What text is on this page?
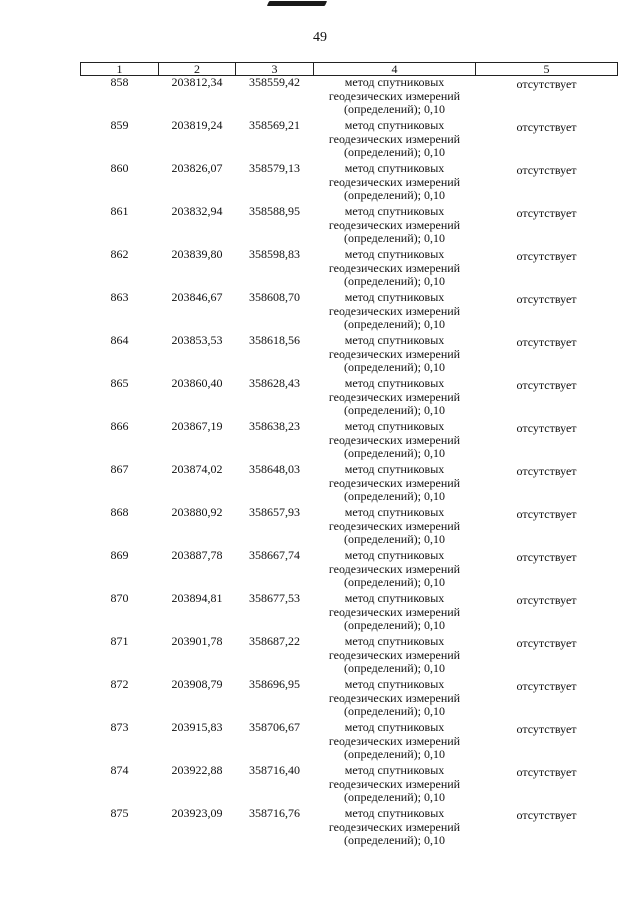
49
1	2	3	4	5
858	203812,34	358559,42	метод спутниковых
геодезических измерений
(определений); 0,10	отсутствует
859	203819,24	358569,21	метод спутниковых
геодезических измерений
(определений); 0,10	отсутствует
860	203826,07	358579,13	метод спутниковых
геодезических измерений
(определений); 0,10	отсутствует
861	203832,94	358588,95	метод спутниковых
геодезических измерений
(определений); 0,10	отсутствует
862	203839,80	358598,83	метод спутниковых
геодезических измерений
(определений); 0,10	отсутствует
863	203846,67	358608,70	метод спутниковых
геодезических измерений
(определений); 0,10	отсутствует
864	203853,53	358618,56	метод спутниковых
геодезических измерений
(определений); 0,10	отсутствует
865	203860,40	358628,43	метод спутниковых
геодезических измерений
(определений); 0,10	отсутствует
866	203867,19	358638,23	метод спутниковых
геодезических измерений
(определений); 0,10	отсутствует
867	203874,02	358648,03	метод спутниковых
геодезических измерений
(определений); 0,10	отсутствует
868	203880,92	358657,93	метод спутниковых
геодезических измерений
(определений); 0,10	отсутствует
869	203887,78	358667,74	метод спутниковых
геодезических измерений
(определений); 0,10	отсутствует
870	203894,81	358677,53	метод спутниковых
геодезических измерений
(определений); 0,10	отсутствует
871	203901,78	358687,22	метод спутниковых
геодезических измерений
(определений); 0,10	отсутствует
872	203908,79	358696,95	метод спутниковых
геодезических измерений
(определений); 0,10	отсутствует
873	203915,83	358706,67	метод спутниковых
геодезических измерений
(определений); 0,10	отсутствует
874	203922,88	358716,40	метод спутниковых
геодезических измерений
(определений); 0,10	отсутствует
875	203923,09	358716,76	метод спутниковых
геодезических измерений
(определений); 0,10	отсутствует
